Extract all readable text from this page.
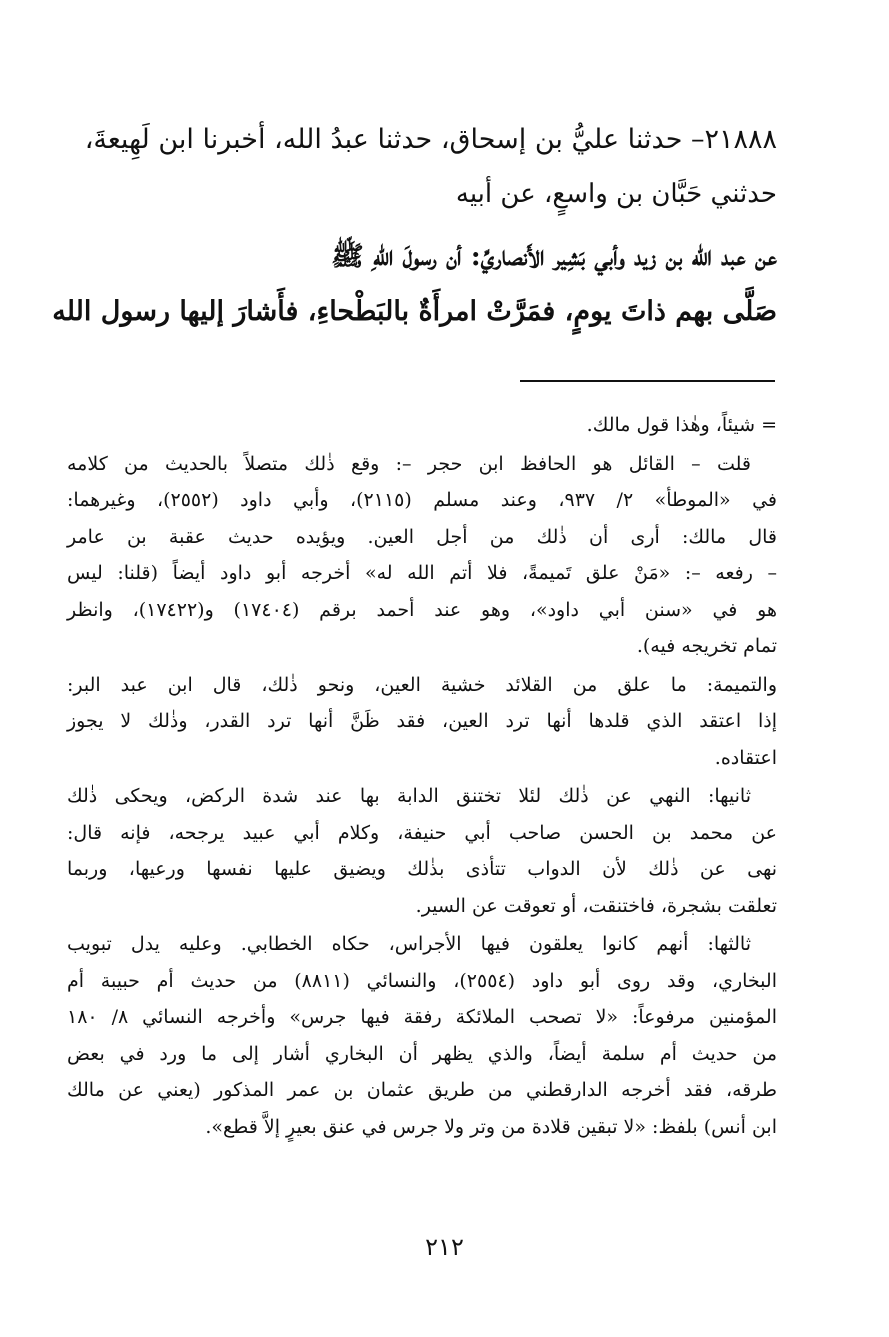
٢١٨٨٨– حدثنا عليُّ بن إسحاق، حدثنا عبدُ الله، أخبرنا ابن لَهِيعةَ،

حدثني حَبَّان بن واسعٍ، عن أبيه

عن عبد الله بن زيد وأبي بَشِير الأَنصاريِّ: أن رسولَ اللهِ ﷺ

صَلَّى بهم ذاتَ يومٍ، فمَرَّتْ امرأَةٌ بالبَطْحاءِ، فأَشارَ إليها رسول الله

= شيئاً، وهٰذا قول مالك.
قلت – القائل هو الحافظ ابن حجر –: وقع ذٰلك متصلاً بالحديث من كلامه
في «الموطأ» ٢/ ٩٣٧، وعند مسلم (٢١١٥)، وأبي داود (٢٥٥٢)، وغيرهما:
قال مالك: أرى أن ذٰلك من أجل العين. ويؤيده حديث عقبة بن عامر
– رفعه –: «مَنْ علق تَميمةً، فلا أتم الله له» أخرجه أبو داود أيضاً (قلنا: ليس
هو في «سنن أبي داود»، وهو عند أحمد برقم (١٧٤٠٤) و(١٧٤٢٢)، وانظر
تمام تخريجه فيه).
والتميمة: ما علق من القلائد خشية العين، ونحو ذٰلك، قال ابن عبد البر:
إذا اعتقد الذي قلدها أنها ترد العين، فقد ظَنَّ أنها ترد القدر، وذٰلك لا يجوز
اعتقاده.
ثانيها: النهي عن ذٰلك لئلا تختنق الدابة بها عند شدة الركض، ويحكى ذٰلك
عن محمد بن الحسن صاحب أبي حنيفة، وكلام أبي عبيد يرجحه، فإنه قال:
نهى عن ذٰلك لأن الدواب تتأذى بذٰلك ويضيق عليها نفسها ورعيها، وربما
تعلقت بشجرة، فاختنقت، أو تعوقت عن السير.
ثالثها: أنهم كانوا يعلقون فيها الأجراس، حكاه الخطابي. وعليه يدل تبويب
البخاري، وقد روى أبو داود (٢٥٥٤)، والنسائي (٨٨١١) من حديث أم حبيبة أم
المؤمنين مرفوعاً: «لا تصحب الملائكة رفقة فيها جرس» وأخرجه النسائي ٨/ ١٨٠
من حديث أم سلمة أيضاً، والذي يظهر أن البخاري أشار إلى ما ورد في بعض
طرقه، فقد أخرجه الدارقطني من طريق عثمان بن عمر المذكور (يعني عن مالك
ابن أنس) بلفظ: «لا تبقين قلادة من وتر ولا جرس في عنق بعيرٍ إلاَّ قطع».
٢١٢
